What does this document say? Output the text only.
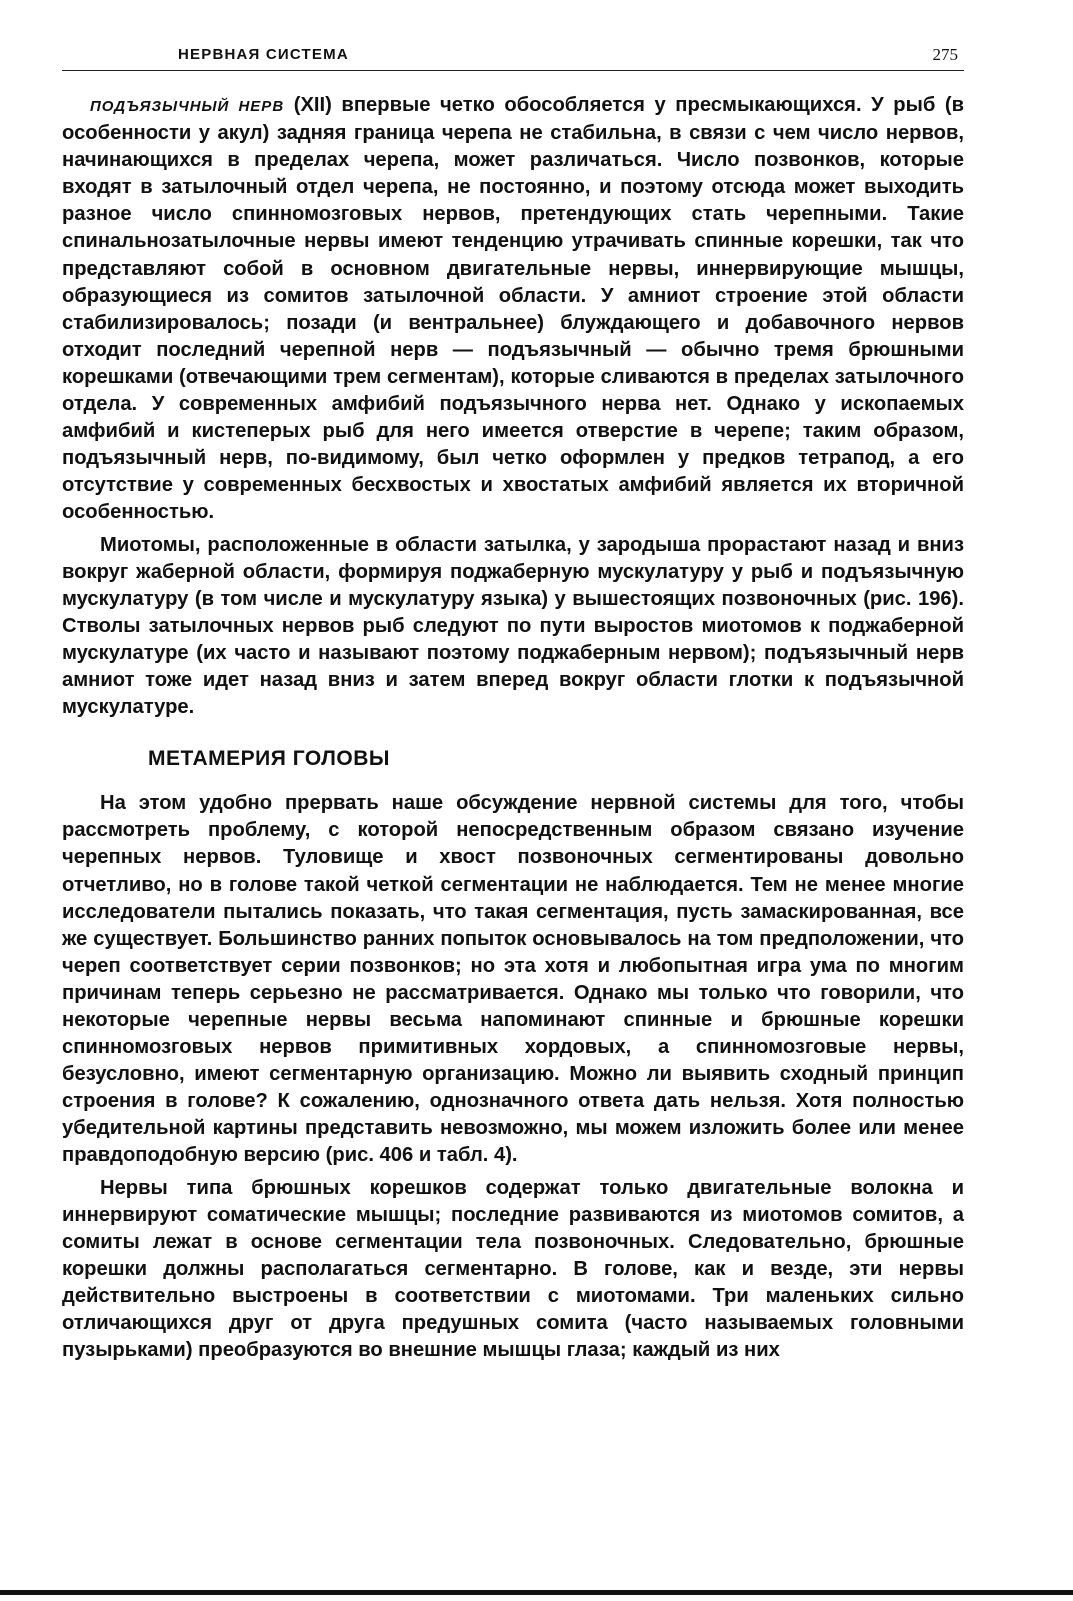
НЕРВНАЯ СИСТЕМА	275

ПОДЪЯЗЫЧНЫЙ НЕРВ (XII) впервые четко обособляется у пресмыкающихся. У рыб (в особенности у акул) задняя граница черепа не стабильна, в связи с чем число нервов, начинающихся в пределах черепа, может различаться. Число позвонков, которые входят в затылочный отдел черепа, не постоянно, и поэтому отсюда может выходить разное число спинномозговых нервов, претендующих стать черепными. Такие спинальнозатылочные нервы имеют тенденцию утрачивать спинные корешки, так что представляют собой в основном двигательные нервы, иннервирующие мышцы, образующиеся из сомитов затылочной области. У амниот строение этой области стабилизировалось; позади (и вентральнее) блуждающего и добавочного нервов отходит последний черепной нерв — подъязычный — обычно тремя брюшными корешками (отвечающими трем сегментам), которые сливаются в пределах затылочного отдела. У современных амфибий подъязычного нерва нет. Однако у ископаемых амфибий и кистеперых рыб для него имеется отверстие в черепе; таким образом, подъязычный нерв, по-видимому, был четко оформлен у предков тетрапод, а его отсутствие у современных бесхвостых и хвостатых амфибий является их вторичной особенностью.

Миотомы, расположенные в области затылка, у зародыша прорастают назад и вниз вокруг жаберной области, формируя поджаберную мускулатуру у рыб и подъязычную мускулатуру (в том числе и мускулатуру языка) у вышестоящих позвоночных (рис. 196). Стволы затылочных нервов рыб следуют по пути выростов миотомов к поджаберной мускулатуре (их часто и называют поэтому поджаберным нервом); подъязычный нерв амниот тоже идет назад вниз и затем вперед вокруг области глотки к подъязычной мускулатуре.

МЕТАМЕРИЯ ГОЛОВЫ

На этом удобно прервать наше обсуждение нервной системы для того, чтобы рассмотреть проблему, с которой непосредственным образом связано изучение черепных нервов. Туловище и хвост позвоночных сегментированы довольно отчетливо, но в голове такой четкой сегментации не наблюдается. Тем не менее многие исследователи пытались показать, что такая сегментация, пусть замаскированная, все же существует. Большинство ранних попыток основывалось на том предположении, что череп соответствует серии позвонков; но эта хотя и любопытная игра ума по многим причинам теперь серьезно не рассматривается. Однако мы только что говорили, что некоторые черепные нервы весьма напоминают спинные и брюшные корешки спинномозговых нервов примитивных хордовых, а спинномозговые нервы, безусловно, имеют сегментарную организацию. Можно ли выявить сходный принцип строения в голове? К сожалению, однозначного ответа дать нельзя. Хотя полностью убедительной картины представить невозможно, мы можем изложить более или менее правдоподобную версию (рис. 406 и табл. 4).

Нервы типа брюшных корешков содержат только двигательные волокна и иннервируют соматические мышцы; последние развиваются из миотомов сомитов, а сомиты лежат в основе сегментации тела позвоночных. Следовательно, брюшные корешки должны располагаться сегментарно. В голове, как и везде, эти нервы действительно выстроены в соответствии с миотомами. Три маленьких сильно отличающихся друг от друга предушных сомита (часто называемых головными пузырьками) преобразуются во внешние мышцы глаза; каждый из них
